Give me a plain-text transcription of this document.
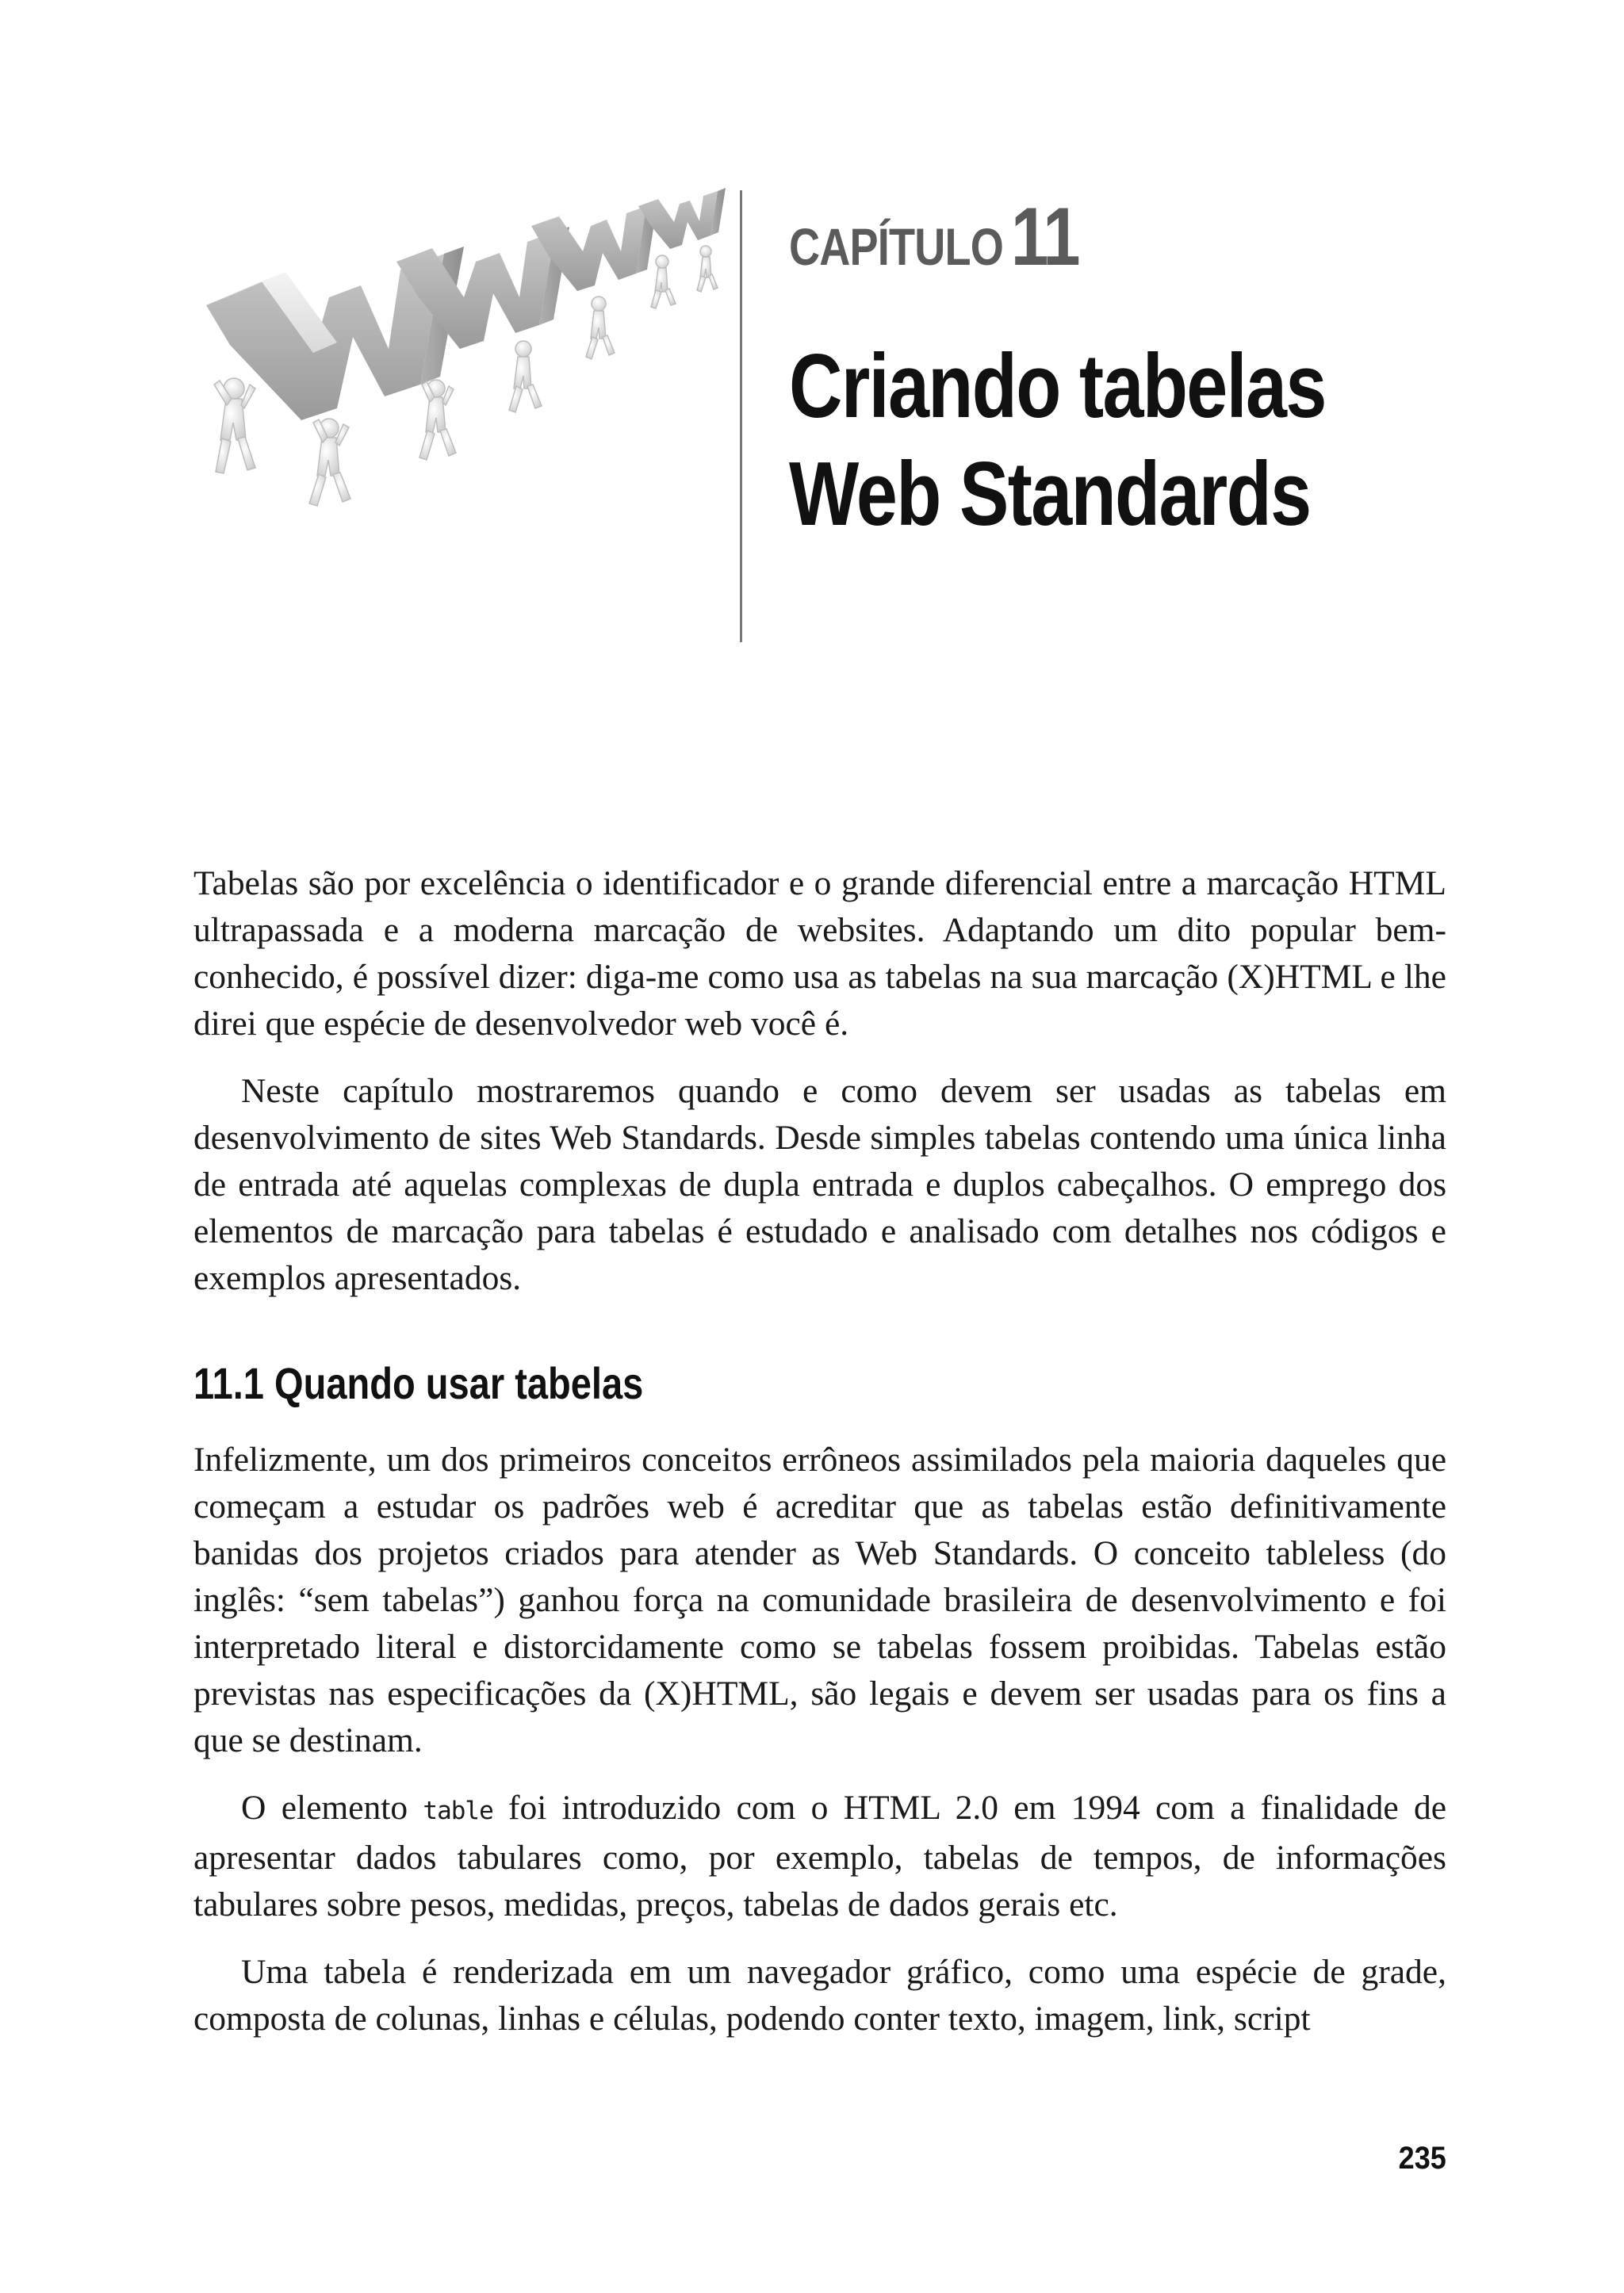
CAPÍTULO11
Criando tabelas
Web Standards

Tabelas são por excelência o identificador e o grande diferencial entre a marcação HTML ultrapassada e a moderna marcação de websites. Adaptando um dito popular bem-conhecido, é possível dizer: diga-me como usa as tabelas na sua marcação (X)HTML e lhe direi que espécie de desenvolvedor web você é.

Neste capítulo mostraremos quando e como devem ser usadas as tabelas em desenvolvimento de sites Web Standards. Desde simples tabelas contendo uma única linha de entrada até aquelas complexas de dupla entrada e duplos cabeçalhos. O emprego dos elementos de marcação para tabelas é estudado e analisado com detalhes nos códigos e exemplos apresentados.

11.1 Quando usar tabelas

Infelizmente, um dos primeiros conceitos errôneos assimilados pela maioria daqueles que começam a estudar os padrões web é acreditar que as tabelas estão definitivamente banidas dos projetos criados para atender as Web Standards. O conceito tableless (do inglês: “sem tabelas”) ganhou força na comunidade brasileira de desenvolvimento e foi interpretado literal e distorcidamente como se tabelas fossem proibidas. Tabelas estão previstas nas especificações da (X)HTML, são legais e devem ser usadas para os fins a que se destinam.

O elemento table foi introduzido com o HTML 2.0 em 1994 com a finalidade de apresentar dados tabulares como, por exemplo, tabelas de tempos, de informações tabulares sobre pesos, medidas, preços, tabelas de dados gerais etc.

Uma tabela é renderizada em um navegador gráfico, como uma espécie de grade, composta de colunas, linhas e células, podendo conter texto, imagem, link, script

235
